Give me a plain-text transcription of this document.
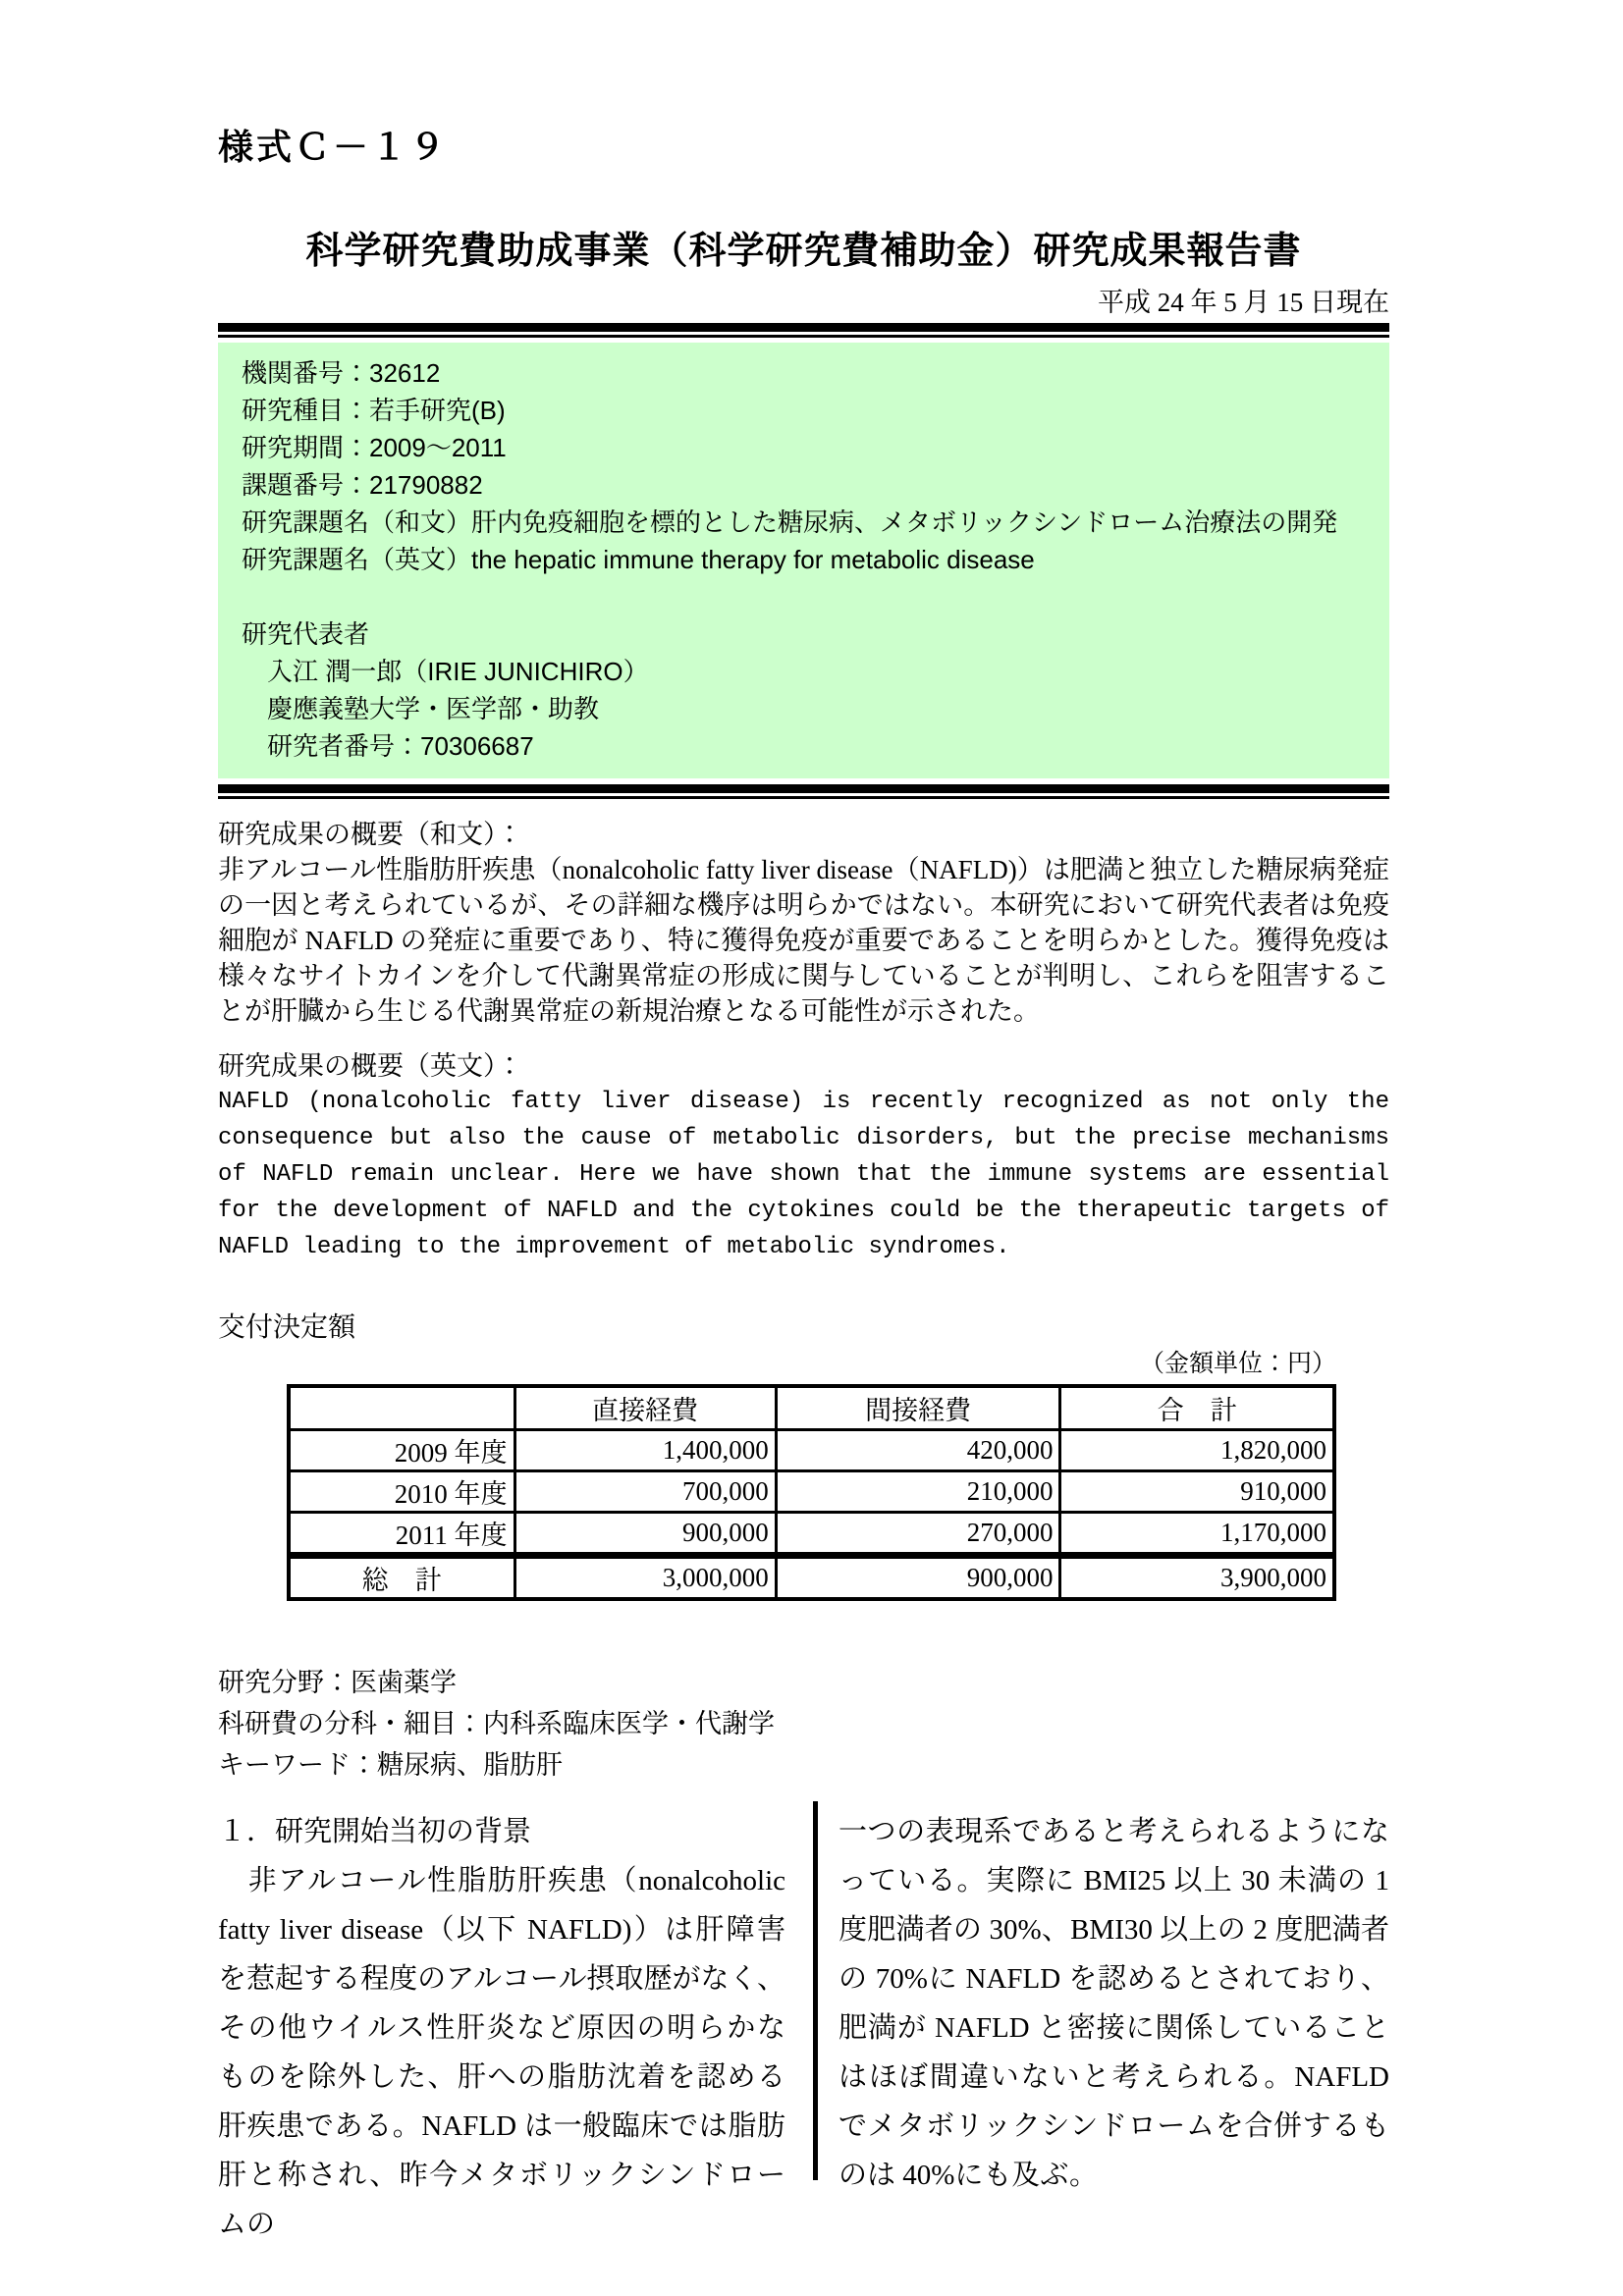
様式Ｃ－１９
科学研究費助成事業（科学研究費補助金）研究成果報告書
平成 24 年 5 月 15 日現在
機関番号：32612
研究種目：若手研究(B)
研究期間：2009～2011
課題番号：21790882
研究課題名（和文）肝内免疫細胞を標的とした糖尿病、メタボリックシンドローム治療法の開発
研究課題名（英文）the hepatic immune therapy for metabolic disease
研究代表者
　入江 潤一郎（IRIE JUNICHIRO）
　慶應義塾大学・医学部・助教
　研究者番号：70306687
研究成果の概要（和文）：

非アルコール性脂肪肝疾患（nonalcoholic fatty liver disease（NAFLD)）は肥満と独立した糖尿病発症の一因と考えられているが、その詳細な機序は明らかではない。本研究において研究代表者は免疫細胞が NAFLD の発症に重要であり、特に獲得免疫が重要であることを明らかとした。獲得免疫は様々なサイトカインを介して代謝異常症の形成に関与していることが判明し、これらを阻害することが肝臓から生じる代謝異常症の新規治療となる可能性が示された。

研究成果の概要（英文）：

NAFLD (nonalcoholic fatty liver disease) is recently recognized as not only the consequence but also the cause of metabolic disorders, but the precise mechanisms of NAFLD remain unclear. Here we have shown that the immune systems are essential for the development of NAFLD and the cytokines could be the therapeutic targets of NAFLD leading to the improvement of metabolic syndromes.

交付決定額
（金額単位：円）
	直接経費	間接経費	合　計
2009 年度	1,400,000	420,000	1,820,000
2010 年度	700,000	210,000	910,000
2011 年度	900,000	270,000	1,170,000
総　計	3,000,000	900,000	3,900,000
研究分野：医歯薬学
科研費の分科・細目：内科系臨床医学・代謝学
キーワード：糖尿病、脂肪肝
１．研究開始当初の背景

　非アルコール性脂肪肝疾患（nonalcoholic fatty liver disease（以下 NAFLD)）は肝障害を惹起する程度のアルコール摂取歴がなく、その他ウイルス性肝炎など原因の明らかなものを除外した、肝への脂肪沈着を認める肝疾患である。NAFLD は一般臨床では脂肪肝と称され、昨今メタボリックシンドロームの

一つの表現系であると考えられるようになっている。実際に BMI25 以上 30 未満の 1 度肥満者の 30%、BMI30 以上の 2 度肥満者の 70%に NAFLD を認めるとされており、肥満が NAFLD と密接に関係していることはほぼ間違いないと考えられる。NAFLD でメタボリックシンドロームを合併するものは 40%にも及ぶ。
